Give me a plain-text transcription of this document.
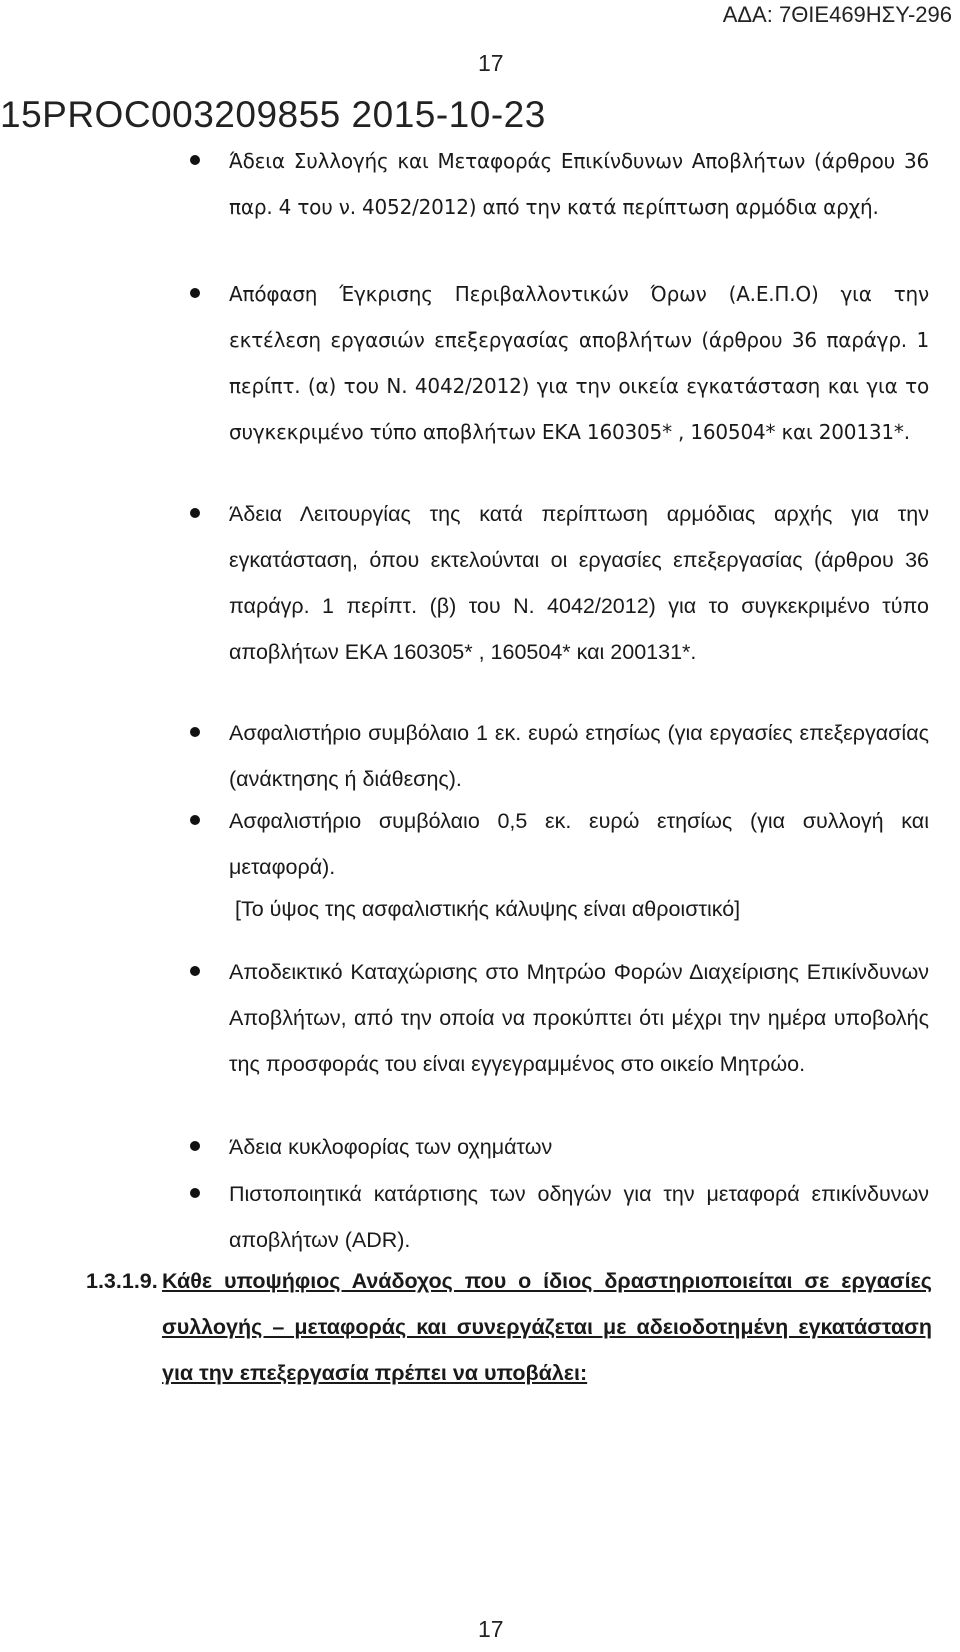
ΑΔΑ: 7ΘΙΕ469ΗΣΥ-296
17
15PROC003209855 2015-10-23
Άδεια Συλλογής και Μεταφοράς Επικίνδυνων Αποβλήτων (άρθρου 36 παρ. 4 του ν. 4052/2012) από την κατά περίπτωση αρμόδια αρχή.
Απόφαση Έγκρισης Περιβαλλοντικών Όρων (Α.Ε.Π.Ο) για την εκτέλεση εργασιών επεξεργασίας αποβλήτων (άρθρου 36 παράγρ. 1 περίπτ. (α) του Ν. 4042/2012) για την οικεία εγκατάσταση και για το συγκεκριμένο τύπο αποβλήτων ΕΚΑ 160305* , 160504* και 200131*.
Άδεια Λειτουργίας της κατά περίπτωση αρμόδιας αρχής για την εγκατάσταση, όπου εκτελούνται οι εργασίες επεξεργασίας (άρθρου 36 παράγρ. 1 περίπτ. (β) του Ν. 4042/2012) για το συγκεκριμένο τύπο αποβλήτων ΕΚΑ 160305* , 160504* και 200131*.
Ασφαλιστήριο συμβόλαιο 1 εκ. ευρώ ετησίως (για εργασίες επεξεργασίας (ανάκτησης ή διάθεσης).
Ασφαλιστήριο συμβόλαιο 0,5 εκ. ευρώ ετησίως (για συλλογή και μεταφορά).
Αποδεικτικό Καταχώρισης στο Μητρώο Φορών Διαχείρισης Επικίνδυνων Αποβλήτων, από την οποία να προκύπτει ότι μέχρι την ημέρα υποβολής της προσφοράς του είναι εγγεγραμμένος στο οικείο Μητρώο.
Άδεια κυκλοφορίας των οχημάτων
Πιστοποιητικά κατάρτισης των οδηγών για την μεταφορά επικίνδυνων αποβλήτων (ADR).
[Το ύψος της ασφαλιστικής κάλυψης είναι αθροιστικό]
1.3.1.9. Κάθε υποψήφιος Ανάδοχος που ο ίδιος δραστηριοποιείται σε εργασίες συλλογής – μεταφοράς και συνεργάζεται με αδειοδοτημένη εγκατάσταση για την επεξεργασία πρέπει να υποβάλει:
17
